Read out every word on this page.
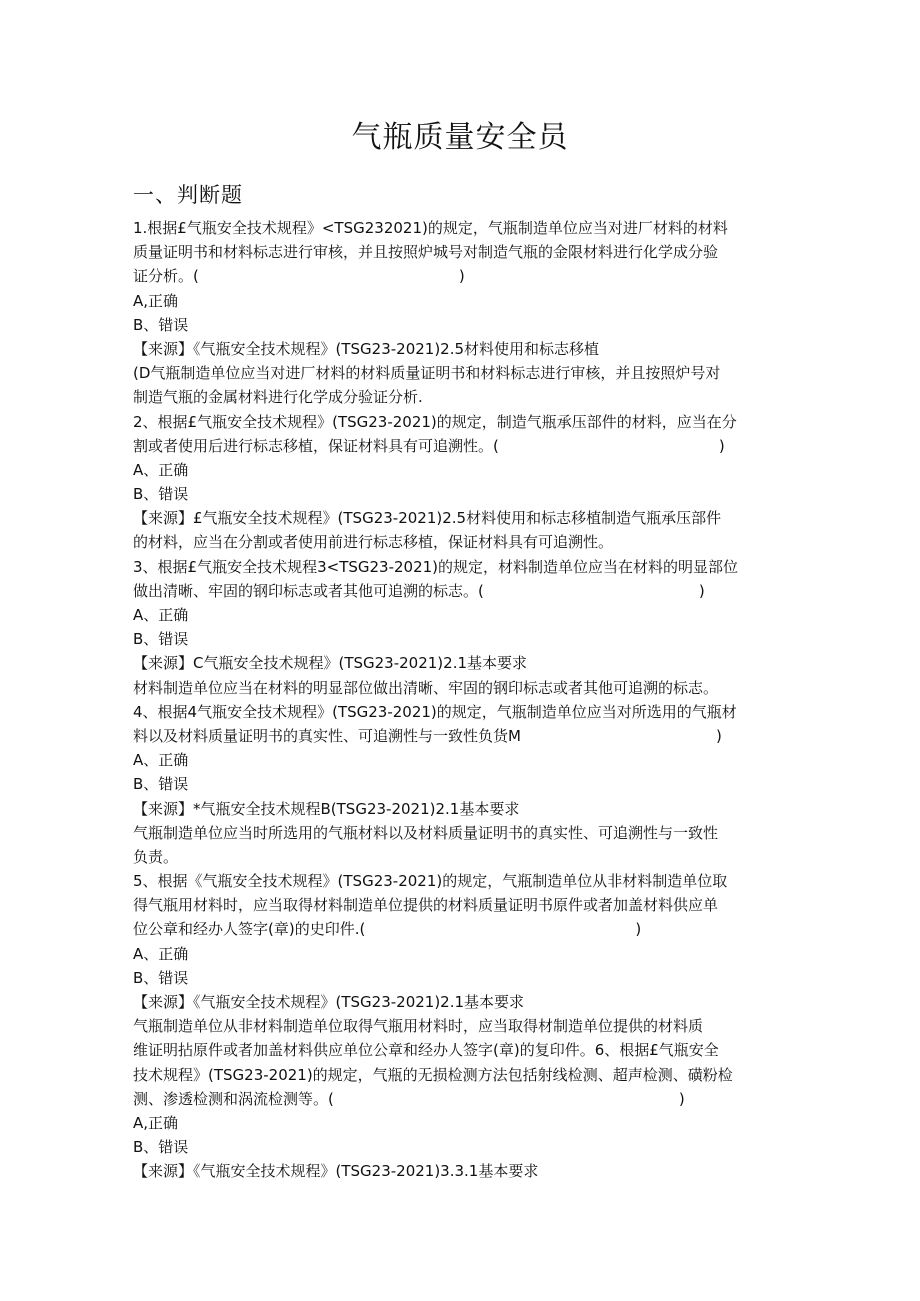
气瓶质量安全员
一、判断题
1.根据£气瓶安全技术规程》<TSG232021)的规定，气瓶制造单位应当对进厂材料的材料
质量证明书和材料标志进行审核，并且按照炉城号对制造气瓶的金限材料进行化学成分验
证分析。(	)
A,正确
B、错误
【来源】《气瓶安全技术规程》(TSG23-2021)2.5材料使用和标志移植
(D气瓶制造单位应当对进厂材料的材料质量证明书和材料标志进行审核，并且按照炉号对
制造气瓶的金属材料进行化学成分验证分析.
2、根据£气瓶安全技术规程》(TSG23-2021)的规定，制造气瓶承压部件的材料，应当在分
割或者使用后进行标志移植，保证材料具有可追溯性。(	)
A、正确
B、错误
【来源】£气瓶安全技术规程》(TSG23-2021)2.5材料使用和标志移植制造气瓶承压部件
的材料，应当在分割或者使用前进行标志移植，保证材料具有可追溯性。
3、根据£气瓶安全技术规程3<TSG23-2021)的规定，材料制造单位应当在材料的明显部位
做出清晰、牢固的钢印标志或者其他可追溯的标志。(	)
A、正确
B、错误
【来源】C气瓶安全技术规程》(TSG23-2021)2.1基本要求
材料制造单位应当在材料的明显部位做出清晰、牢固的钢印标志或者其他可追溯的标志。
4、根据4气瓶安全技术规程》(TSG23-2021)的规定，气瓶制造单位应当对所选用的气瓶材
料以及材料质量证明书的真实性、可追溯性与一致性负货M	)
A、正确
B、错误
【来源】*气瓶安全技术规程B(TSG23-2021)2.1基本要求
气瓶制造单位应当时所选用的气瓶材料以及材料质量证明书的真实性、可追溯性与一致性
负责。
5、根据《气瓶安全技术规程》(TSG23-2021)的规定，气瓶制造单位从非材料制造单位取
得气瓶用材料时，应当取得材料制造单位提供的材料质量证明书原件或者加盖材料供应单
位公章和经办人签字(章)的史印件.(	)
A、正确
B、错误
【来源】《气瓶安全技术规程》(TSG23-2021)2.1基本要求
气瓶制造单位从非材料制造单位取得气瓶用材料时，应当取得材制造单位提供的材料质
维证明拈原件或者加盖材料供应单位公章和经办人签字(章)的复印件。6、根据£气瓶安全
技术规程》(TSG23-2021)的规定，气瓶的无损检测方法包括射线检测、超声检测、磺粉检
测、渗透检测和涡流检测等。(	)
A,正确
B、错误
【来源】《气瓶安全技术规程》(TSG23-2021)3.3.1基本要求
